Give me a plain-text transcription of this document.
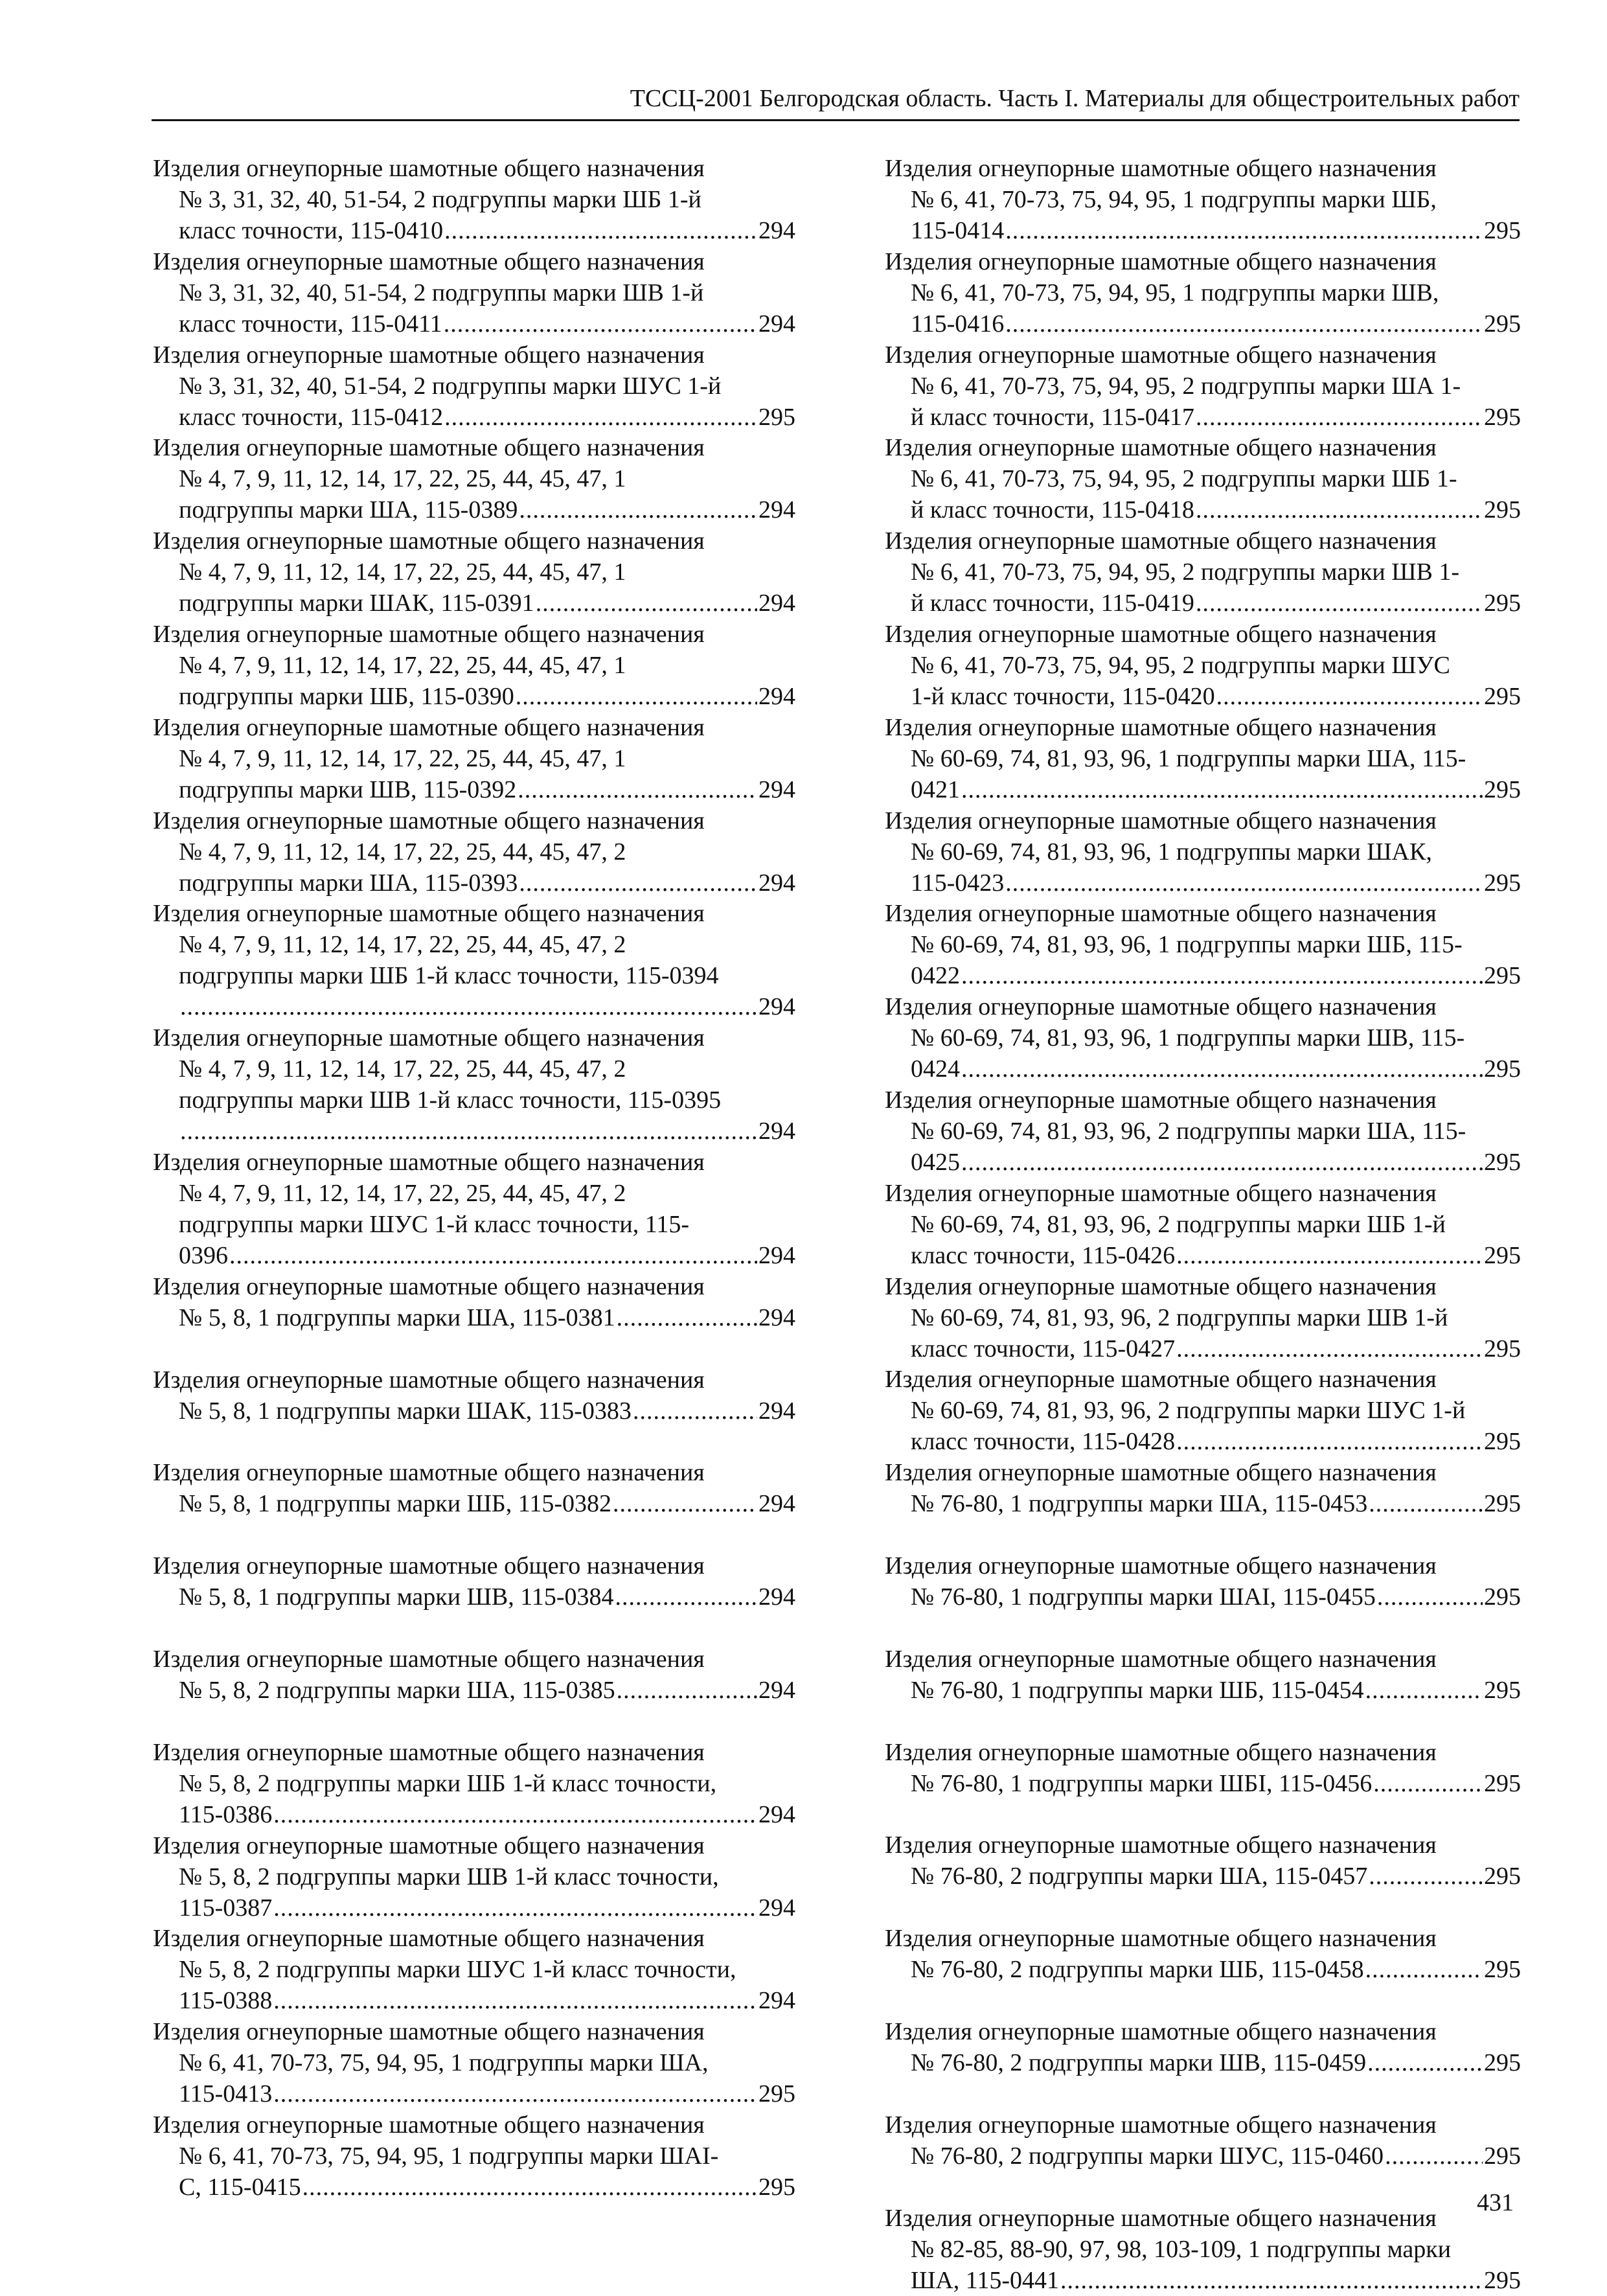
ТССЦ-2001 Белгородская область. Часть I. Материалы для общестроительных работ
Изделия огнеупорные шамотные общего назначения
№ 3, 31, 32, 40, 51-54, 2 подгруппы марки ШБ 1-й
класс точности, 115-0410 .....	294
Изделия огнеупорные шамотные общего назначения
№ 3, 31, 32, 40, 51-54, 2 подгруппы марки ШВ 1-й
класс точности, 115-0411 .....	294
Изделия огнеупорные шамотные общего назначения
№ 3, 31, 32, 40, 51-54, 2 подгруппы марки ШУС 1-й
класс точности, 115-0412 .....	295
Изделия огнеупорные шамотные общего назначения
№ 4, 7, 9, 11, 12, 14, 17, 22, 25, 44, 45, 47, 1
подгруппы марки ША, 115-0389 .....	294
Изделия огнеупорные шамотные общего назначения
№ 4, 7, 9, 11, 12, 14, 17, 22, 25, 44, 45, 47, 1
подгруппы марки ШАК, 115-0391 .....	294
Изделия огнеупорные шамотные общего назначения
№ 4, 7, 9, 11, 12, 14, 17, 22, 25, 44, 45, 47, 1
подгруппы марки ШБ, 115-0390 .....	294
Изделия огнеупорные шамотные общего назначения
№ 4, 7, 9, 11, 12, 14, 17, 22, 25, 44, 45, 47, 1
подгруппы марки ШВ, 115-0392 .....	294
Изделия огнеупорные шамотные общего назначения
№ 4, 7, 9, 11, 12, 14, 17, 22, 25, 44, 45, 47, 2
подгруппы марки ША, 115-0393 .....	294
Изделия огнеупорные шамотные общего назначения
№ 4, 7, 9, 11, 12, 14, 17, 22, 25, 44, 45, 47, 2
подгруппы марки ШБ 1-й класс точности, 115-0394
.....
294
Изделия огнеупорные шамотные общего назначения
№ 4, 7, 9, 11, 12, 14, 17, 22, 25, 44, 45, 47, 2
подгруппы марки ШВ 1-й класс точности, 115-0395
.....
294
Изделия огнеупорные шамотные общего назначения
№ 4, 7, 9, 11, 12, 14, 17, 22, 25, 44, 45, 47, 2
подгруппы марки ШУС 1-й класс точности, 115-
0396 .....	294
Изделия огнеупорные шамотные общего назначения
№ 5, 8, 1 подгруппы марки ША, 115-0381 .....	294
Изделия огнеупорные шамотные общего назначения
№ 5, 8, 1 подгруппы марки ШАК, 115-0383 .....	294
Изделия огнеупорные шамотные общего назначения
№ 5, 8, 1 подгруппы марки ШБ, 115-0382 .....	294
Изделия огнеупорные шамотные общего назначения
№ 5, 8, 1 подгруппы марки ШВ, 115-0384 .....	294
Изделия огнеупорные шамотные общего назначения
№ 5, 8, 2 подгруппы марки ША, 115-0385 .....	294
Изделия огнеупорные шамотные общего назначения
№ 5, 8, 2 подгруппы марки ШБ 1-й класс точности,
115-0386 .....	294
Изделия огнеупорные шамотные общего назначения
№ 5, 8, 2 подгруппы марки ШВ 1-й класс точности,
115-0387 .....	294
Изделия огнеупорные шамотные общего назначения
№ 5, 8, 2 подгруппы марки ШУС 1-й класс точности,
115-0388 .....	294
Изделия огнеупорные шамотные общего назначения
№ 6, 41, 70-73, 75, 94, 95, 1 подгруппы марки ША,
115-0413 .....	295
Изделия огнеупорные шамотные общего назначения
№ 6, 41, 70-73, 75, 94, 95, 1 подгруппы марки ШАI-
С, 115-0415 .....	295
Изделия огнеупорные шамотные общего назначения
№ 6, 41, 70-73, 75, 94, 95, 1 подгруппы марки ШБ,
115-0414 .....	295
Изделия огнеупорные шамотные общего назначения
№ 6, 41, 70-73, 75, 94, 95, 1 подгруппы марки ШВ,
115-0416 .....	295
Изделия огнеупорные шамотные общего назначения
№ 6, 41, 70-73, 75, 94, 95, 2 подгруппы марки ША 1-
й класс точности, 115-0417 .....	295
Изделия огнеупорные шамотные общего назначения
№ 6, 41, 70-73, 75, 94, 95, 2 подгруппы марки ШБ 1-
й класс точности, 115-0418 .....	295
Изделия огнеупорные шамотные общего назначения
№ 6, 41, 70-73, 75, 94, 95, 2 подгруппы марки ШВ 1-
й класс точности, 115-0419 .....	295
Изделия огнеупорные шамотные общего назначения
№ 6, 41, 70-73, 75, 94, 95, 2 подгруппы марки ШУС
1-й класс точности, 115-0420 .....	295
Изделия огнеупорные шамотные общего назначения
№ 60-69, 74, 81, 93, 96, 1 подгруппы марки ША, 115-
0421 .....	295
Изделия огнеупорные шамотные общего назначения
№ 60-69, 74, 81, 93, 96, 1 подгруппы марки ШАК,
115-0423 .....	295
Изделия огнеупорные шамотные общего назначения
№ 60-69, 74, 81, 93, 96, 1 подгруппы марки ШБ, 115-
0422 .....	295
Изделия огнеупорные шамотные общего назначения
№ 60-69, 74, 81, 93, 96, 1 подгруппы марки ШВ, 115-
0424 .....	295
Изделия огнеупорные шамотные общего назначения
№ 60-69, 74, 81, 93, 96, 2 подгруппы марки ША, 115-
0425 .....	295
Изделия огнеупорные шамотные общего назначения
№ 60-69, 74, 81, 93, 96, 2 подгруппы марки ШБ 1-й
класс точности, 115-0426 .....	295
Изделия огнеупорные шамотные общего назначения
№ 60-69, 74, 81, 93, 96, 2 подгруппы марки ШВ 1-й
класс точности, 115-0427 .....	295
Изделия огнеупорные шамотные общего назначения
№ 60-69, 74, 81, 93, 96, 2 подгруппы марки ШУС 1-й
класс точности, 115-0428 .....	295
Изделия огнеупорные шамотные общего назначения
№ 76-80, 1 подгруппы марки ША, 115-0453 .....	295
Изделия огнеупорные шамотные общего назначения
№ 76-80, 1 подгруппы марки ШАI, 115-0455 .....	295
Изделия огнеупорные шамотные общего назначения
№ 76-80, 1 подгруппы марки ШБ, 115-0454 .....	295
Изделия огнеупорные шамотные общего назначения
№ 76-80, 1 подгруппы марки ШБI, 115-0456 .....	295
Изделия огнеупорные шамотные общего назначения
№ 76-80, 2 подгруппы марки ША, 115-0457 .....	295
Изделия огнеупорные шамотные общего назначения
№ 76-80, 2 подгруппы марки ШБ, 115-0458 .....	295
Изделия огнеупорные шамотные общего назначения
№ 76-80, 2 подгруппы марки ШВ, 115-0459 .....	295
Изделия огнеупорные шамотные общего назначения
№ 76-80, 2 подгруппы марки ШУС, 115-0460 .....	295
Изделия огнеупорные шамотные общего назначения
№ 82-85, 88-90, 97, 98, 103-109, 1 подгруппы марки
ША, 115-0441 .....	295
431
